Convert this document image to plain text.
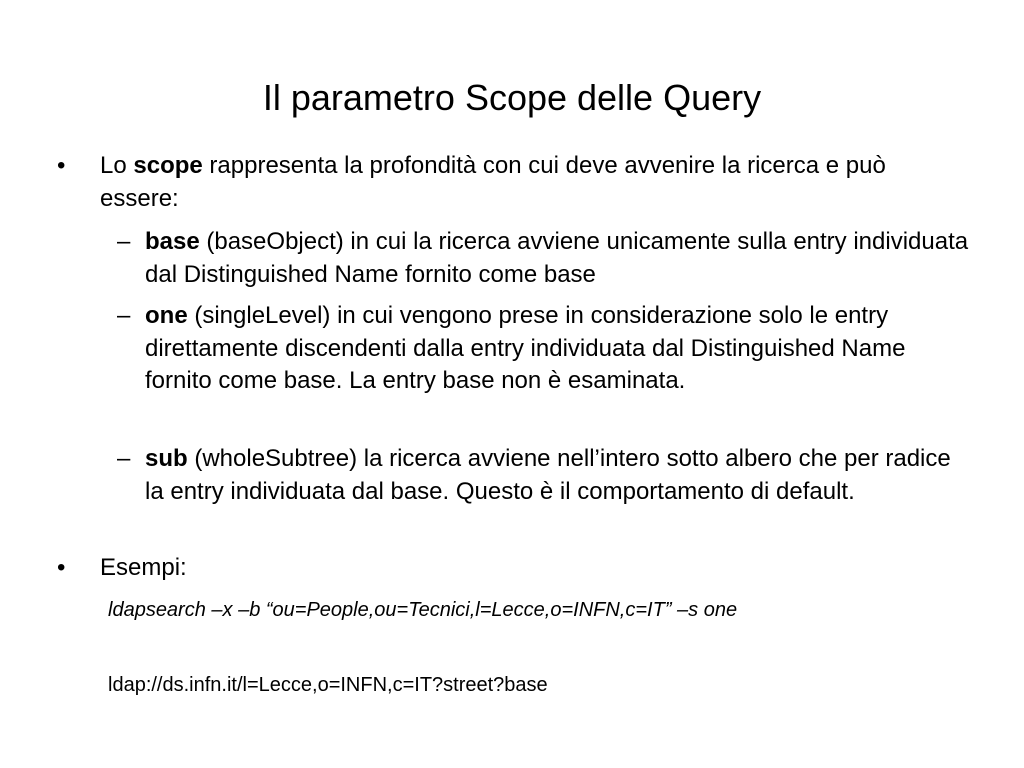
Il parametro Scope delle Query
• Lo scope rappresenta la profondità con cui deve avvenire la ricerca e può essere:
– base (baseObject) in cui la ricerca avviene unicamente sulla entry individuata dal Distinguished Name fornito come base
– one (singleLevel) in cui vengono prese in considerazione solo le entry direttamente discendenti dalla entry individuata dal Distinguished Name fornito come base. La entry base non è esaminata.
– sub (wholeSubtree) la ricerca avviene nell’intero sotto albero che per radice la entry individuata dal base. Questo è il comportamento di default.
• Esempi:
ldapsearch –x –b “ou=People,ou=Tecnici,l=Lecce,o=INFN,c=IT” –s one
ldap://ds.infn.it/l=Lecce,o=INFN,c=IT?street?base
